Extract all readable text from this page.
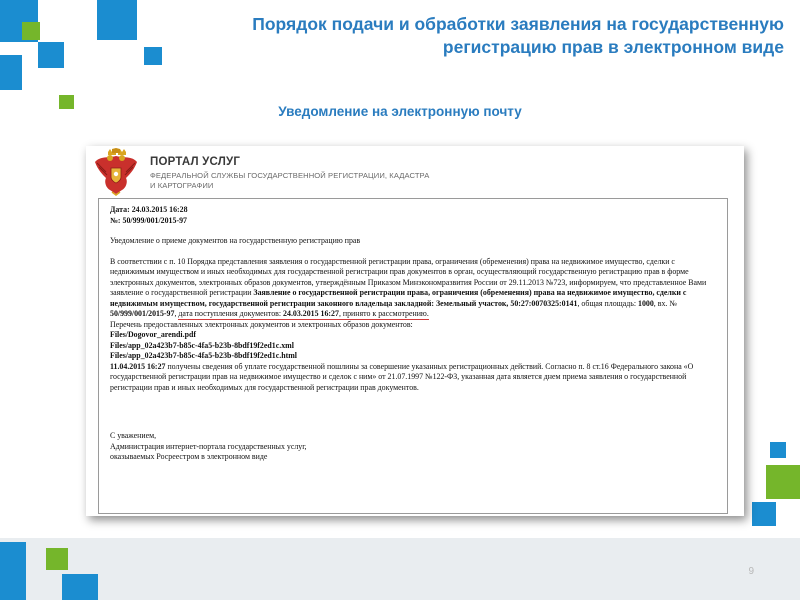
Порядок подачи и обработки заявления на государственную регистрацию прав в электронном виде
Уведомление на электронную почту

ПОРТАЛ УСЛУГ

ФЕДЕРАЛЬНОЙ СЛУЖБЫ ГОСУДАРСТВЕННОЙ РЕГИСТРАЦИИ, КАДАСТРА И КАРТОГРАФИИ

Дата: 24.03.2015 16:28

№: 50/999/001/2015-97

Уведомление о приеме документов на государственную регистрацию прав

В соответствии с п. 10 Порядка представления заявления о государственной регистрации права, ограничения (обременения) права на недвижимое имущество, сделки с недвижимым имуществом и иных необходимых для государственной регистрации прав документов в орган, осуществляющий государственную регистрацию прав в форме электронных документов, электронных образов документов, утверждённым Приказом Минэкономразвития России от 29.11.2013 №723, информируем, что представленное Вами заявление о государственной регистрации Заявление о государственной регистрации права, ограничения (обременения) права на недвижимое имущество, сделки с недвижимым имуществом, государственной регистрации законного владельца закладной: Земельный участок, 50:27:0070325:0141, общая площадь: 1000, вх. № 50/999/001/2015-97, дата поступления документов: 24.03.2015 16:27, принято к рассмотрению.

Перечень предоставленных электронных документов и электронных образов документов:

Files/Dogovor_arendi.pdf

Files/app_02a423b7-b85c-4fa5-b23b-8bdf19f2ed1c.xml

Files/app_02a423b7-b85c-4fa5-b23b-8bdf19f2ed1c.html

11.04.2015 16:27 получены сведения об уплате государственной пошлины за совершение указанных регистрационных действий. Согласно п. 8 ст.16 Федерального закона «О государственной регистрации прав на недвижимое имущество и сделок с ним» от 21.07.1997 №122-ФЗ, указанная дата является днем приема заявления о государственной регистрации прав и иных необходимых для государственной регистрации прав документов.

С уважением,

Администрация интернет-портала государственных услуг,

оказываемых Росреестром в электронном виде

9
